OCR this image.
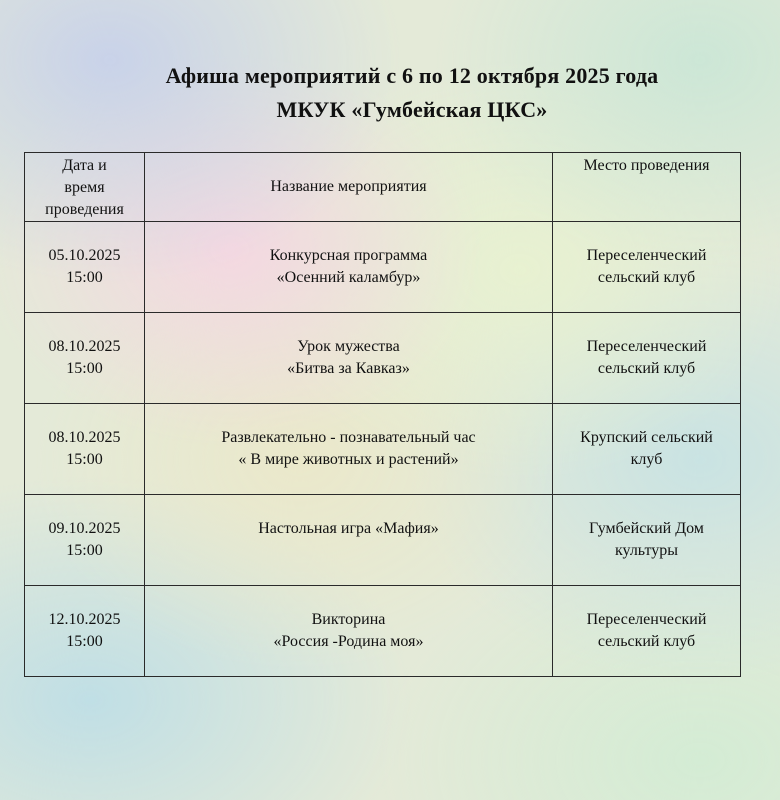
Афиша мероприятий с 6 по 12 октября 2025 года
МКУК «Гумбейская ЦКС»
Дата и
время
проведения	Название мероприятия	Место проведения

05.10.2025
15:00	Конкурсная программа
«Осенний каламбур»	Переселенческий
сельский клуб

08.10.2025
15:00	Урок мужества
«Битва за Кавказ»	Переселенческий
сельский клуб

08.10.2025
15:00	Развлекательно - познавательный час
« В мире животных и растений»	Крупский сельский
клуб

09.10.2025
15:00	Настольная игра «Мафия»	Гумбейский Дом
культуры

12.10.2025
15:00	Викторина
«Россия -Родина моя»	Переселенческий
сельский клуб
